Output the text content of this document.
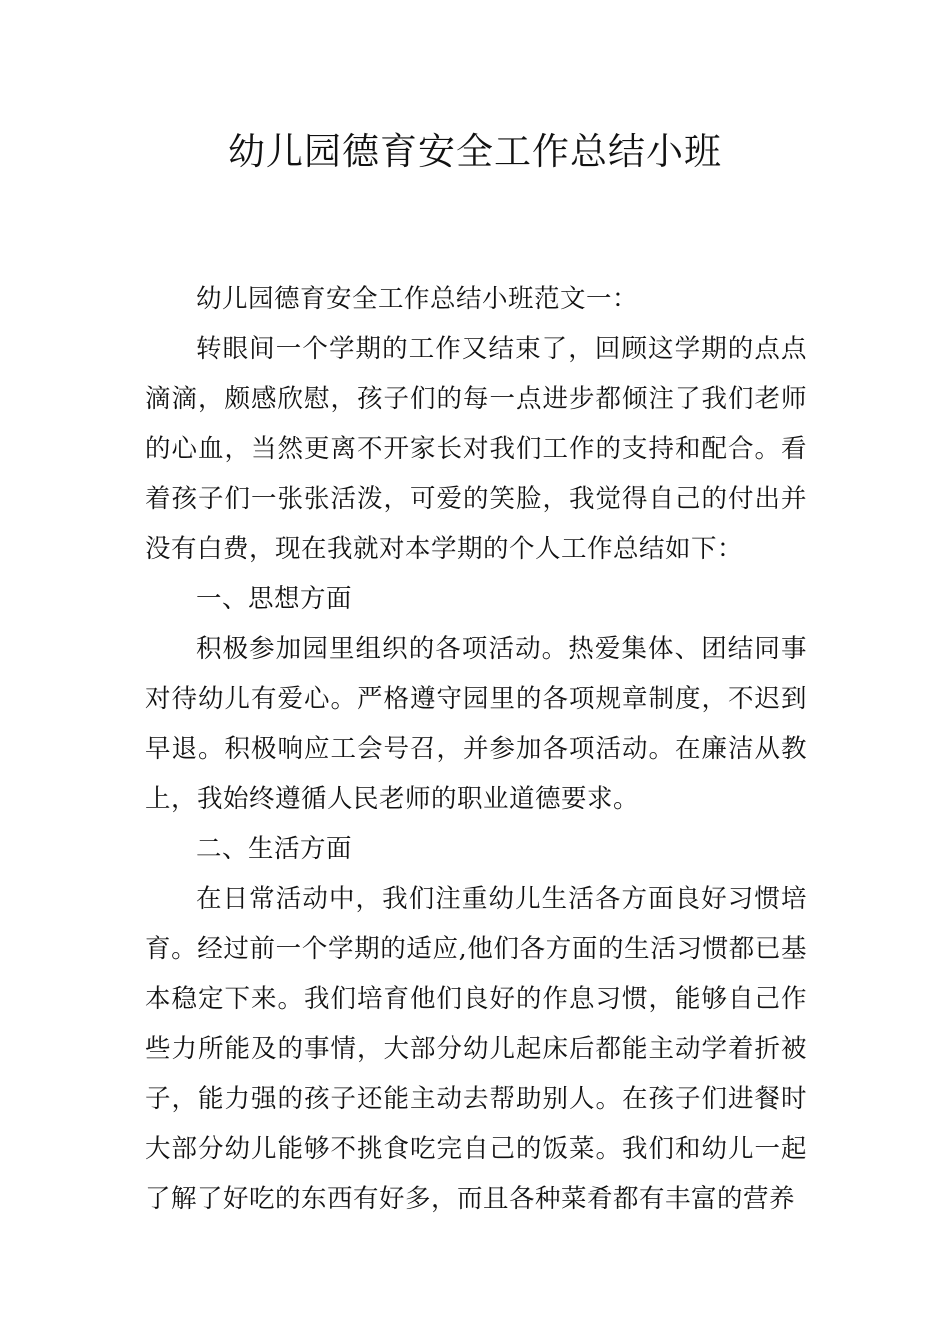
幼儿园德育安全工作总结小班

幼儿园德育安全工作总结小班范文一：

转眼间一个学期的工作又结束了，回顾这学期的点点滴滴，颇感欣慰，孩子们的每一点进步都倾注了我们老师的心血，当然更离不开家长对我们工作的支持和配合。看着孩子们一张张活泼，可爱的笑脸，我觉得自己的付出并没有白费，现在我就对本学期的个人工作总结如下：

一、思想方面

积极参加园里组织的各项活动。热爱集体、团结同事对待幼儿有爱心。严格遵守园里的各项规章制度，不迟到早退。积极响应工会号召，并参加各项活动。在廉洁从教上，我始终遵循人民老师的职业道德要求。

二、生活方面

在日常活动中，我们注重幼儿生活各方面良好习惯培育。经过前一个学期的适应,他们各方面的生活习惯都已基本稳定下来。我们培育他们良好的作息习惯，能够自己作些力所能及的事情，大部分幼儿起床后都能主动学着折被子，能力强的孩子还能主动去帮助别人。在孩子们进餐时大部分幼儿能够不挑食吃完自己的饭菜。我们和幼儿一起了解了好吃的东西有好多，而且各种菜肴都有丰富的营养
